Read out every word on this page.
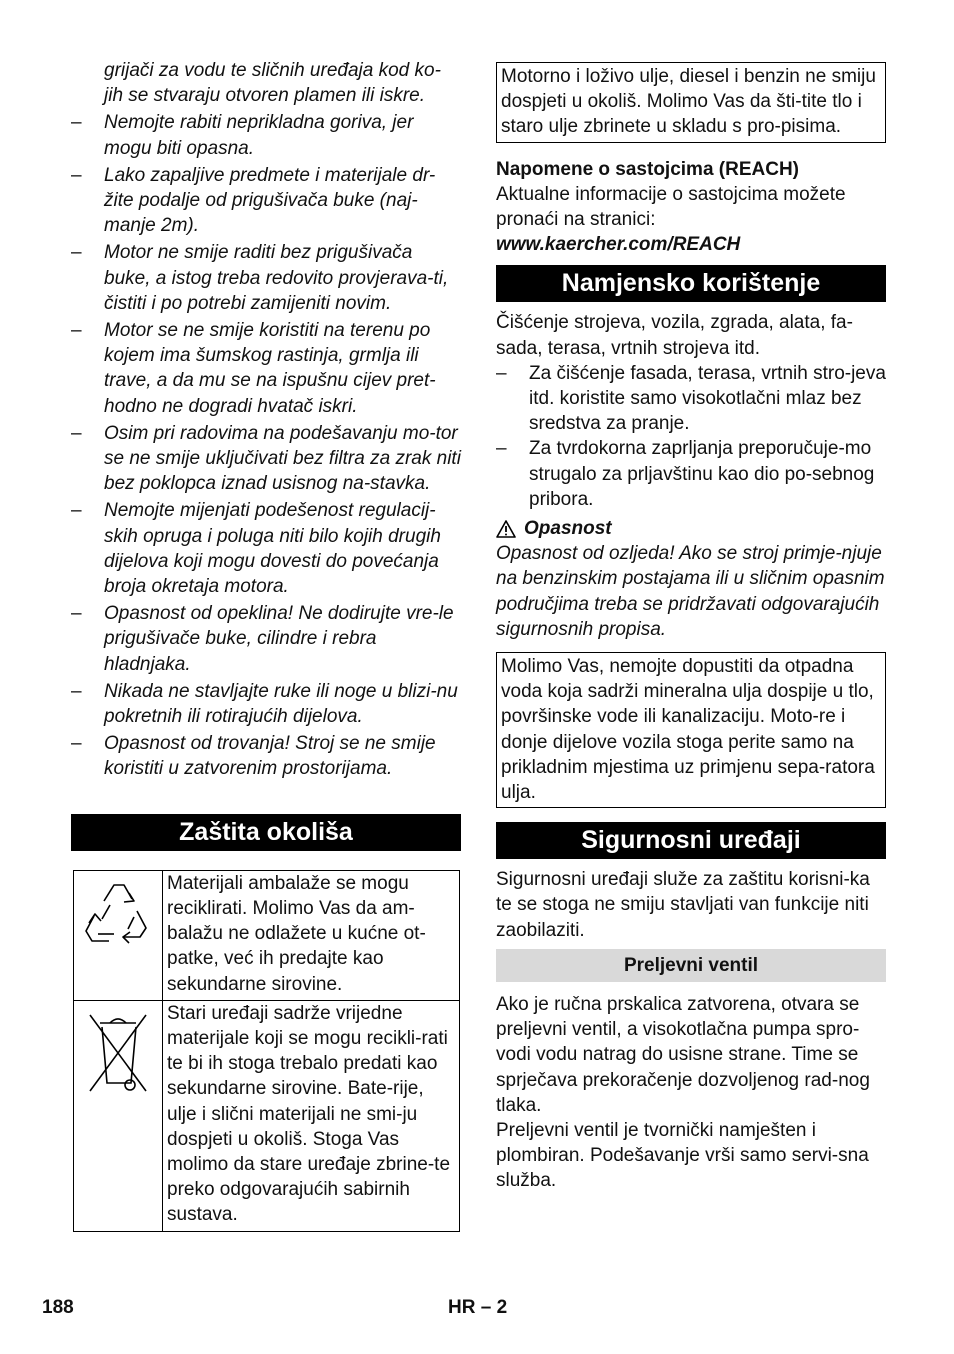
grijači za vodu te sličnih uređaja kod ko-
jih se stvaraju otvoren plamen ili iskre.
– Nemojte rabiti neprikladna goriva, jer mogu biti opasna.
– Lako zapaljive predmete i materijale dr-žite podalje od prigušivača buke (naj-manje 2m).
– Motor ne smije raditi bez prigušivača buke, a istog treba redovito provjerava-ti, čistiti i po potrebi zamijeniti novim.
– Motor se ne smije koristiti na terenu po kojem ima šumskog rastinja, grmlja ili trave, a da mu se na ispušnu cijev pret-hodno ne dogradi hvatač iskri.
– Osim pri radovima na podešavanju mo-tor se ne smije uključivati bez filtra za zrak niti bez poklopca iznad usisnog na-stavka.
– Nemojte mijenjati podešenost regulacij-skih opruga i poluga niti bilo kojih drugih dijelova koji mogu dovesti do povećanja broja okretaja motora.
– Opasnost od opeklina! Ne dodirujte vre-le prigušivače buke, cilindre i rebra hladnjaka.
– Nikada ne stavljajte ruke ili noge u blizi-nu pokretnih ili rotirajućih dijelova.
– Opasnost od trovanja! Stroj se ne smije koristiti u zatvorenim prostorijama.
Zaštita okoliša
	Materijali ambalaže se mogu reciklirati. Molimo Vas da am-balažu ne odlažete u kućne ot-patke, već ih predajte kao sekundarne sirovine.
	Stari uređaji sadrže vrijedne materijale koji se mogu recikli-rati te bi ih stoga trebalo predati kao sekundarne sirovine. Bate-rije, ulje i slični materijali ne smi-ju dospjeti u okoliš. Stoga Vas molimo da stare uređaje zbrine-te preko odgovarajućih sabirnih sustava.
Motorno i loživo ulje, diesel i benzin ne smiju dospjeti u okoliš. Molimo Vas da šti-tite tlo i staro ulje zbrinete u skladu s pro-pisima.
Napomene o sastojcima (REACH)
Aktualne informacije o sastojcima možete pronaći na stranici:
www.kaercher.com/REACH
Namjensko korištenje
Čišćenje strojeva, vozila, zgrada, alata, fa-sada, terasa, vrtnih strojeva itd.
– Za čišćenje fasada, terasa, vrtnih stro-jeva itd. koristite samo visokotlačni mlaz bez sredstva za pranje.
– Za tvrdokorna zaprljanja preporučuje-mo strugalo za prljavštinu kao dio po-sebnog pribora.
Opasnost
Opasnost od ozljeda! Ako se stroj primje-njuje na benzinskim postajama ili u sličnim opasnim područjima treba se pridržavati odgovarajućih sigurnosnih propisa.
Molimo Vas, nemojte dopustiti da otpadna voda koja sadrži mineralna ulja dospije u tlo, površinske vode ili kanalizaciju. Moto-re i donje dijelove vozila stoga perite samo na prikladnim mjestima uz primjenu sepa-ratora ulja.
Sigurnosni uređaji
Sigurnosni uređaji služe za zaštitu korisni-ka te se stoga ne smiju stavljati van funkcije niti zaobilaziti.
Preljevni ventil
Ako je ručna prskalica zatvorena, otvara se preljevni ventil, a visokotlačna pumpa spro-vodi vodu natrag do usisne strane. Time se sprječava prekoračenje dozvoljenog rad-nog tlaka.
Preljevni ventil je tvornički namješten i plombiran. Podešavanje vrši samo servi-sna služba.
188	HR – 2
